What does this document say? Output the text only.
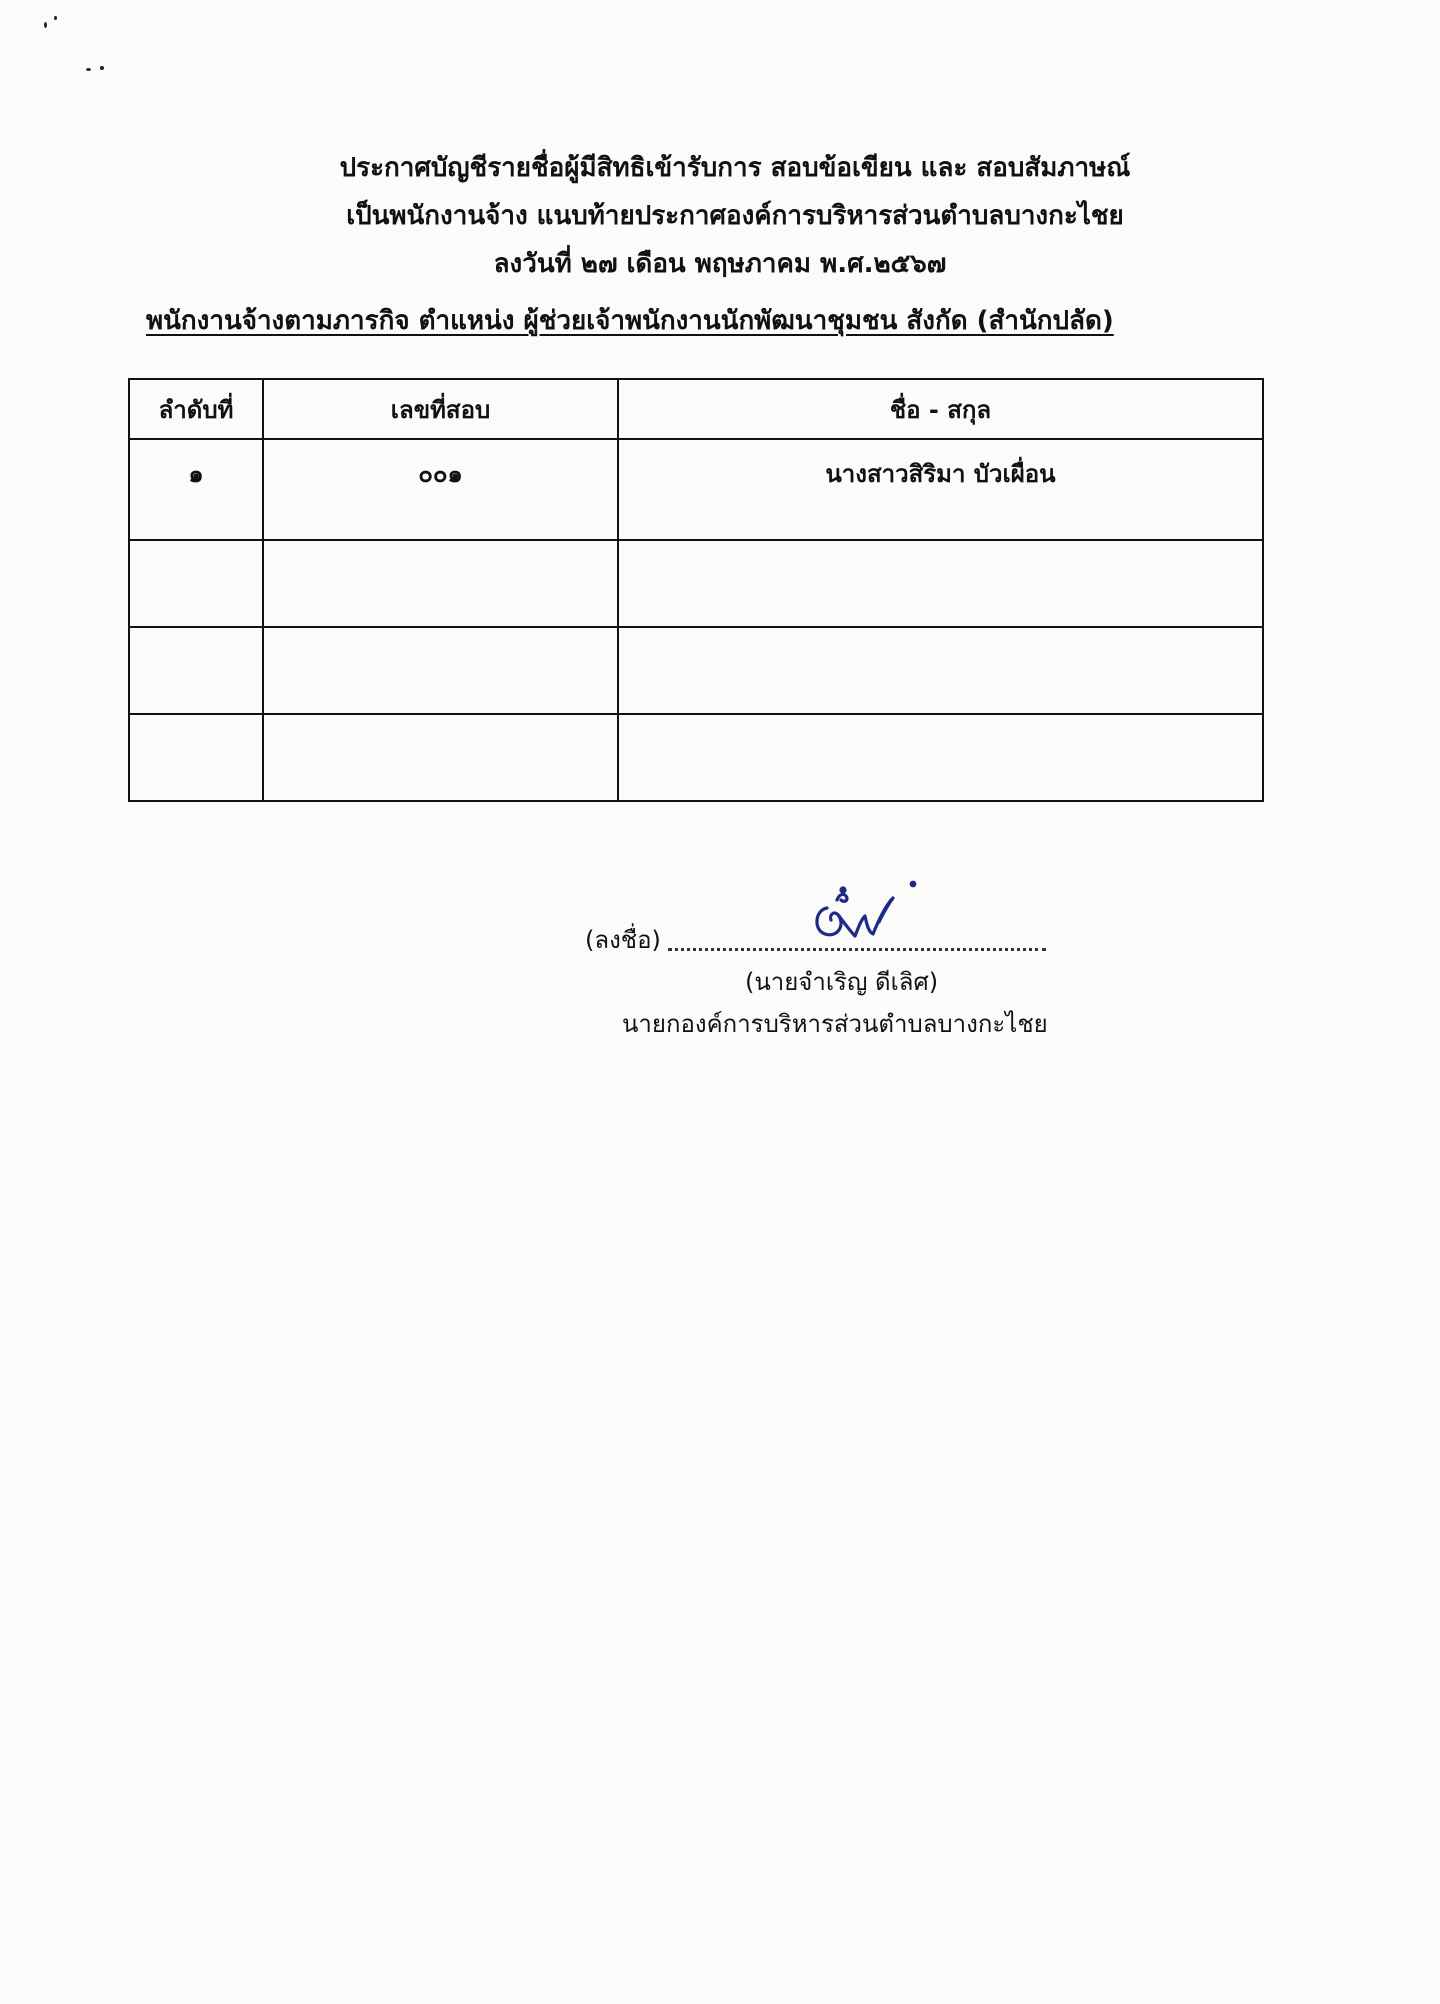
ประกาศบัญชีรายชื่อผู้มีสิทธิเข้ารับการ สอบข้อเขียน และ สอบสัมภาษณ์
เป็นพนักงานจ้าง แนบท้ายประกาศองค์การบริหารส่วนตำบลบางกะไชย
ลงวันที่ ๒๗ เดือน พฤษภาคม พ.ศ.๒๕๖๗
พนักงานจ้างตามภารกิจ ตำแหน่ง ผู้ช่วยเจ้าพนักงานนักพัฒนาชุมชน สังกัด (สำนักปลัด)
ลำดับที่	เลขที่สอบ	ชื่อ - สกุล
๑	๐๐๑	นางสาวสิริมา บัวเผื่อน

(ลงชื่อ)
(นายจำเริญ ดีเลิศ)
นายกองค์การบริหารส่วนตำบลบางกะไชย
